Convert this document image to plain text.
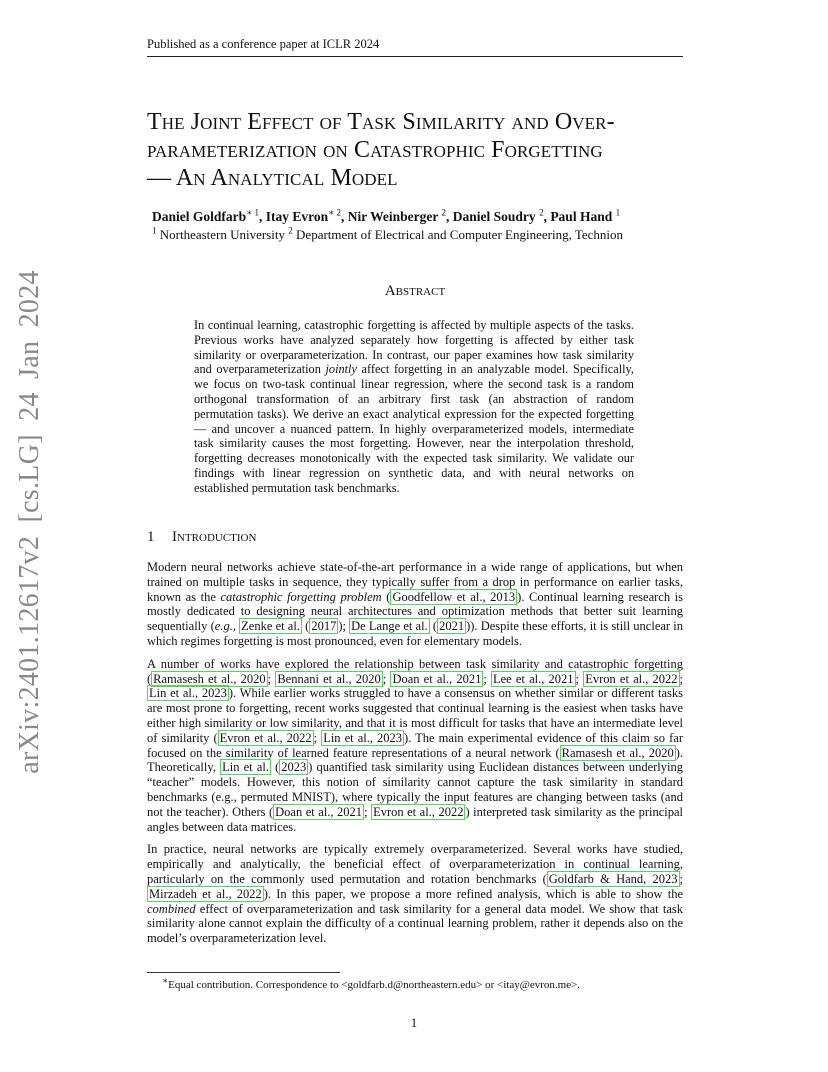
Published as a conference paper at ICLR 2024
arXiv:2401.12617v2 [cs.LG] 24 Jan 2024
The Joint Effect of Task Similarity and Over-
parameterization on Catastrophic Forgetting
— An Analytical Model
Daniel Goldfarb$^{∗ 1}$, Itay Evron$^{∗ 2}$, Nir Weinberger $^2$, Daniel Soudry $^2$, Paul Hand $^1$
$^1$ Northeastern University $^2$ Department of Electrical and Computer Engineering, Technion
Abstract
In continual learning, catastrophic forgetting is affected by multiple aspects of the tasks. Previous works have analyzed separately how forgetting is affected by either task similarity or overparameterization. In contrast, our paper examines how task similarity and overparameterization jointly affect forgetting in an analyzable model. Specifically, we focus on two-task continual linear regression, where the second task is a random orthogonal transformation of an arbitrary first task (an abstraction of random permutation tasks). We derive an exact analytical expression for the expected forgetting — and uncover a nuanced pattern. In highly overparameterized models, intermediate task similarity causes the most forgetting. However, near the interpolation threshold, forgetting decreases monotonically with the expected task similarity. We validate our findings with linear regression on synthetic data, and with neural networks on established permutation task benchmarks.
1 Introduction

Modern neural networks achieve state-of-the-art performance in a wide range of applications, but when trained on multiple tasks in sequence, they typically suffer from a drop in performance on earlier tasks, known as the catastrophic forgetting problem ( Goodfellow et al., 2013 ). Continual learning research is mostly dedicated to designing neural architectures and optimization methods that better suit learning sequentially (e.g., Zenke et al. ( 2017 ); De Lange et al. ( 2021 )). Despite these efforts, it is still unclear in which regimes forgetting is most pronounced, even for elementary models.

A number of works have explored the relationship between task similarity and catastrophic forgetting ( Ramasesh et al., 2020 ; Bennani et al., 2020 ; Doan et al., 2021 ; Lee et al., 2021 ; Evron et al., 2022 ; Lin et al., 2023 ). While earlier works struggled to have a consensus on whether similar or different tasks are most prone to forgetting, recent works suggested that continual learning is the easiest when tasks have either high similarity or low similarity, and that it is most difficult for tasks that have an intermediate level of similarity ( Evron et al., 2022 ; Lin et al., 2023 ). The main experimental evidence of this claim so far focused on the similarity of learned feature representations of a neural network ( Ramasesh et al., 2020 ). Theoretically, Lin et al. ( 2023 ) quantified task similarity using Euclidean distances between underlying “teacher” models. However, this notion of similarity cannot capture the task similarity in standard benchmarks (e.g., permuted MNIST), where typically the input features are changing between tasks (and not the teacher). Others ( Doan et al., 2021 ; Evron et al., 2022 ) interpreted task similarity as the principal angles between data matrices.

In practice, neural networks are typically extremely overparameterized. Several works have studied, empirically and analytically, the beneficial effect of overparameterization in continual learning, particularly on the commonly used permutation and rotation benchmarks ( Goldfarb & Hand, 2023 ; Mirzadeh et al., 2022 ). In this paper, we propose a more refined analysis, which is able to show the combined effect of overparameterization and task similarity for a general data model. We show that task similarity alone cannot explain the difficulty of a continual learning problem, rather it depends also on the model’s overparameterization level.

∗Equal contribution. Correspondence to <goldfarb.d@northeastern.edu> or <itay@evron.me>.
1
